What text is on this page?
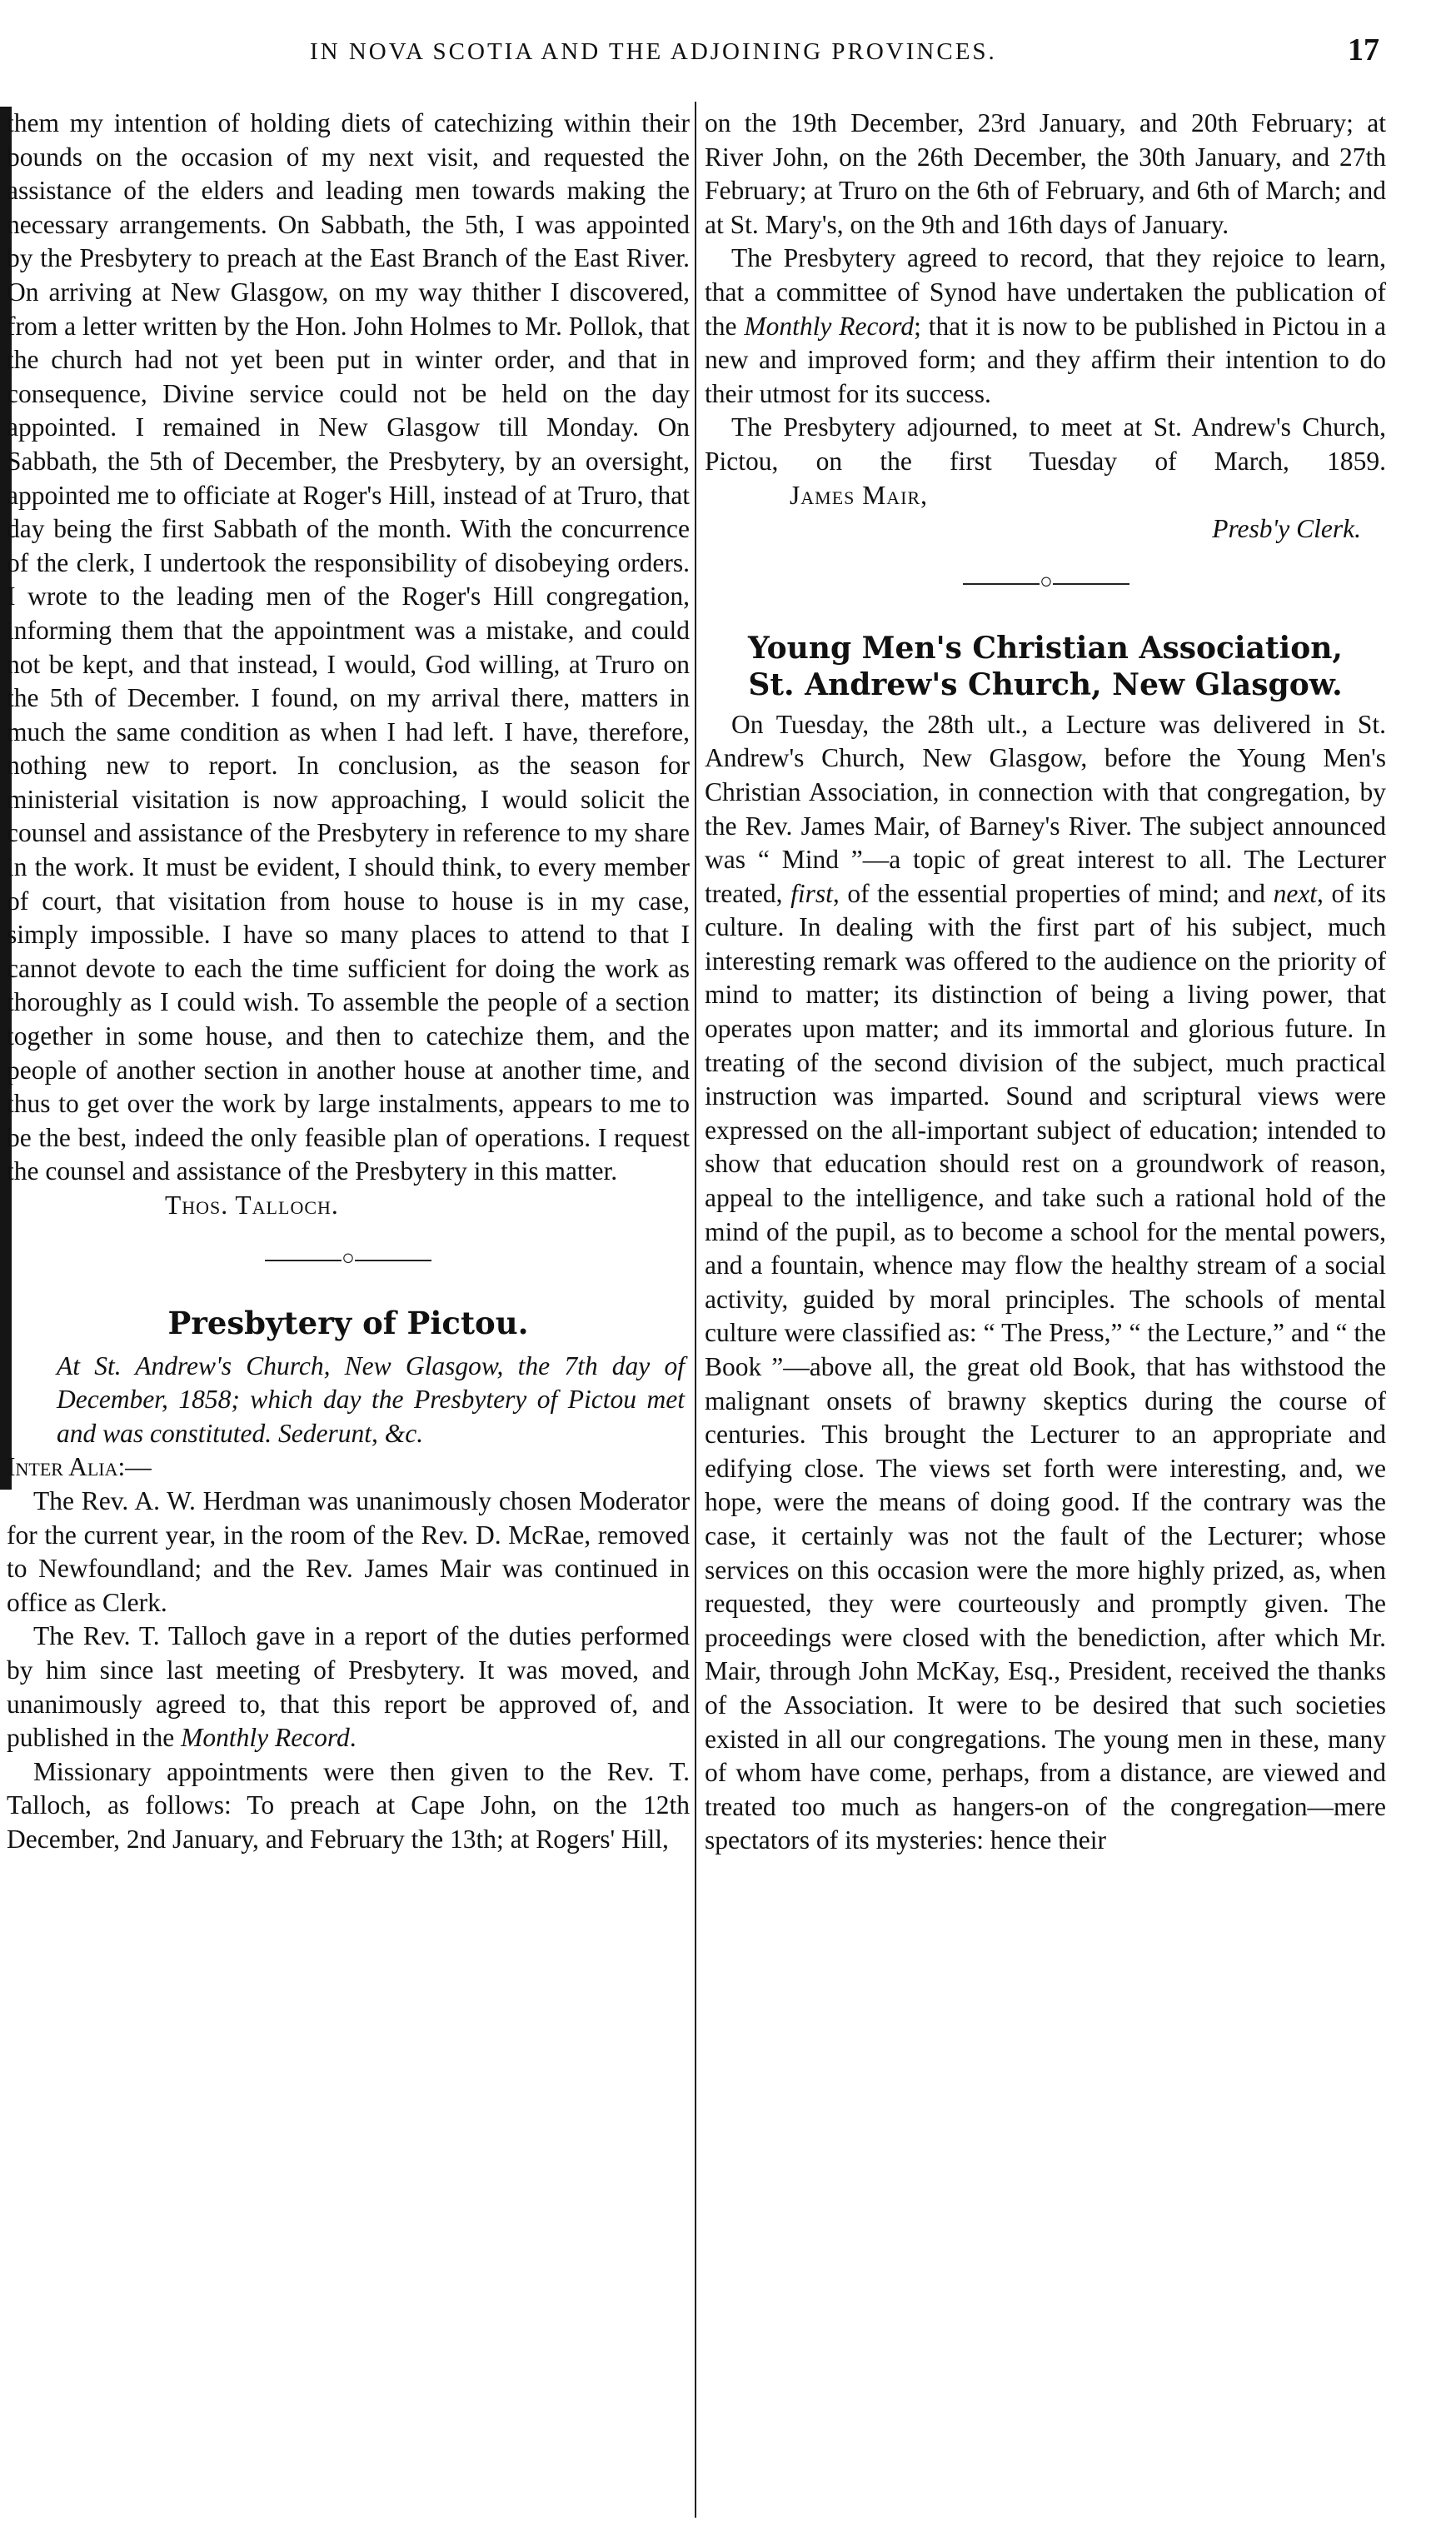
IN NOVA SCOTIA AND THE ADJOINING PROVINCES.	17

them my intention of holding diets of catechizing within their bounds on the occasion of my next visit, and requested the assistance of the elders and leading men towards making the necessary arrangements. On Sabbath, the 5th, I was appointed by the Presbytery to preach at the East Branch of the East River. On arriving at New Glasgow, on my way thither I discovered, from a letter written by the Hon. John Holmes to Mr. Pollok, that the church had not yet been put in winter order, and that in consequence, Divine service could not be held on the day appointed. I remained in New Glasgow till Monday. On Sabbath, the 5th of December, the Presbytery, by an oversight, appointed me to officiate at Roger's Hill, instead of at Truro, that day being the first Sabbath of the month. With the concurrence of the clerk, I undertook the responsibility of disobeying orders. I wrote to the leading men of the Roger's Hill congregation, informing them that the appointment was a mistake, and could not be kept, and that instead, I would, God willing, at Truro on the 5th of December. I found, on my arrival there, matters in much the same condition as when I had left. I have, therefore, nothing new to report. In conclusion, as the season for ministerial visitation is now approaching, I would solicit the counsel and assistance of the Presbytery in reference to my share in the work. It must be evident, I should think, to every member of court, that visitation from house to house is in my case, simply impossible. I have so many places to attend to that I cannot devote to each the time sufficient for doing the work as thoroughly as I could wish. To assemble the people of a section together in some house, and then to catechize them, and the people of another section in another house at another time, and thus to get over the work by large instalments, appears to me to be the best, indeed the only feasible plan of operations. I request the counsel and assistance of the Presbytery in this matter.

Thos. Talloch.

○
Presbytery of Pictou.

At St. Andrew's Church, New Glasgow, the 7th day of December, 1858; which day the Presbytery of Pictou met and was constituted. Sederunt, &c.

Inter Alia:—

The Rev. A. W. Herdman was unanimously chosen Moderator for the current year, in the room of the Rev. D. McRae, removed to Newfoundland; and the Rev. James Mair was continued in office as Clerk.

The Rev. T. Talloch gave in a report of the duties performed by him since last meeting of Presbytery. It was moved, and unanimously agreed to, that this report be approved of, and published in the Monthly Record.

Missionary appointments were then given to the Rev. T. Talloch, as follows: To preach at Cape John, on the 12th December, 2nd January, and February the 13th; at Rogers' Hill,

on the 19th December, 23rd January, and 20th February; at River John, on the 26th December, the 30th January, and 27th February; at Truro on the 6th of February, and 6th of March; and at St. Mary's, on the 9th and 16th days of January.

The Presbytery agreed to record, that they rejoice to learn, that a committee of Synod have undertaken the publication of the Monthly Record; that it is now to be published in Pictou in a new and improved form; and they affirm their intention to do their utmost for its success.

The Presbytery adjourned, to meet at St. Andrew's Church, Pictou, on the first Tuesday of March, 1859. James Mair,

Presb'y Clerk.

○
Young Men's Christian Association,
St. Andrew's Church, New Glasgow.

On Tuesday, the 28th ult., a Lecture was delivered in St. Andrew's Church, New Glasgow, before the Young Men's Christian Association, in connection with that congregation, by the Rev. James Mair, of Barney's River. The subject announced was “ Mind ”—a topic of great interest to all. The Lecturer treated, first, of the essential properties of mind; and next, of its culture. In dealing with the first part of his subject, much interesting remark was offered to the audience on the priority of mind to matter; its distinction of being a living power, that operates upon matter; and its immortal and glorious future. In treating of the second division of the subject, much practical instruction was imparted. Sound and scriptural views were expressed on the all-important subject of education; intended to show that education should rest on a groundwork of reason, appeal to the intelligence, and take such a rational hold of the mind of the pupil, as to become a school for the mental powers, and a fountain, whence may flow the healthy stream of a social activity, guided by moral principles. The schools of mental culture were classified as: “ The Press,” “ the Lecture,” and “ the Book ”—above all, the great old Book, that has withstood the malignant onsets of brawny skeptics during the course of centuries. This brought the Lecturer to an appropriate and edifying close. The views set forth were interesting, and, we hope, were the means of doing good. If the contrary was the case, it certainly was not the fault of the Lecturer; whose services on this occasion were the more highly prized, as, when requested, they were courteously and promptly given. The proceedings were closed with the benediction, after which Mr. Mair, through John McKay, Esq., President, received the thanks of the Association. It were to be desired that such societies existed in all our congregations. The young men in these, many of whom have come, perhaps, from a distance, are viewed and treated too much as hangers-on of the congregation—mere spectators of its mysteries: hence their
